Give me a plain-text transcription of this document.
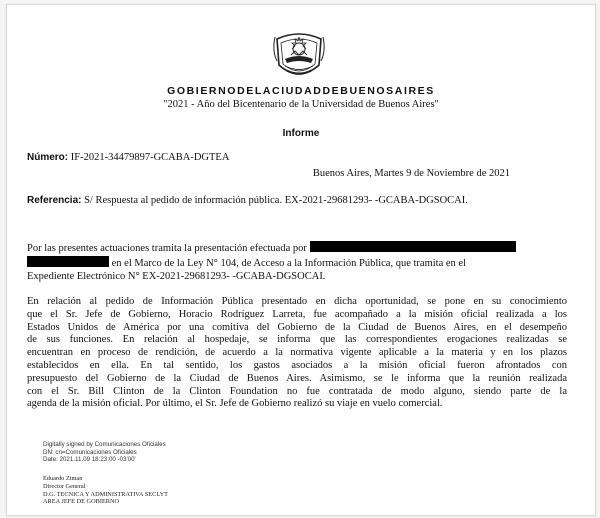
GOBIERNODELACIUDADDEBUENOSAIRES
"2021 - Año del Bicentenario de la Universidad de Buenos Aires"
Informe
Número: IF-2021-34479897-GCABA-DGTEA
Buenos Aires, Martes 9 de Noviembre de 2021
Referencia: S/ Respuesta al pedido de información pública. EX-2021-29681293- -GCABA-DGSOCAI.
Por las presentes actuaciones tramita la presentación efectuada por
en el Marco de la Ley N° 104, de Acceso a la Información Pública, que tramita en el
Expediente Electrónico N° EX-2021-29681293- -GCABA-DGSOCAI.
En relación al pedido de Información Pública presentado en dicha oportunidad, se pone en su conocimiento
que el Sr. Jefe de Gobierno, Horacio Rodríguez Larreta, fue acompañado a la misión oficial realizada a los
Estados Unidos de América por una comitiva del Gobierno de la Ciudad de Buenos Aires, en el desempeño
de sus funciones. En relación al hospedaje, se informa que las correspondientes erogaciones realizadas se
encuentran en proceso de rendición, de acuerdo a la normativa vigente aplicable a la materia y en los plazos
establecidos en ella. En tal sentido, los gastos asociados a la misión oficial fueron afrontados con
presupuesto del Gobierno de la Ciudad de Buenos Aires. Asimismo, se le informa que la reunión realizada
con el Sr. Bill Clinton de la Clinton Foundation no fue contratada de modo alguno, siendo parte de la
agenda de la misión oficial. Por último, el Sr. Jefe de Gobierno realizó su viaje en vuelo comercial.
Digitally signed by Comunicaciones Oficiales
DN: cn=Comunicaciones Oficiales
Date: 2021.11.09 18:23:00 -03'00'
Eduardo Ziman
Director General
D.G. TECNICA Y ADMINISTRATIVA SECLYT
AREA JEFE DE GOBIERNO
